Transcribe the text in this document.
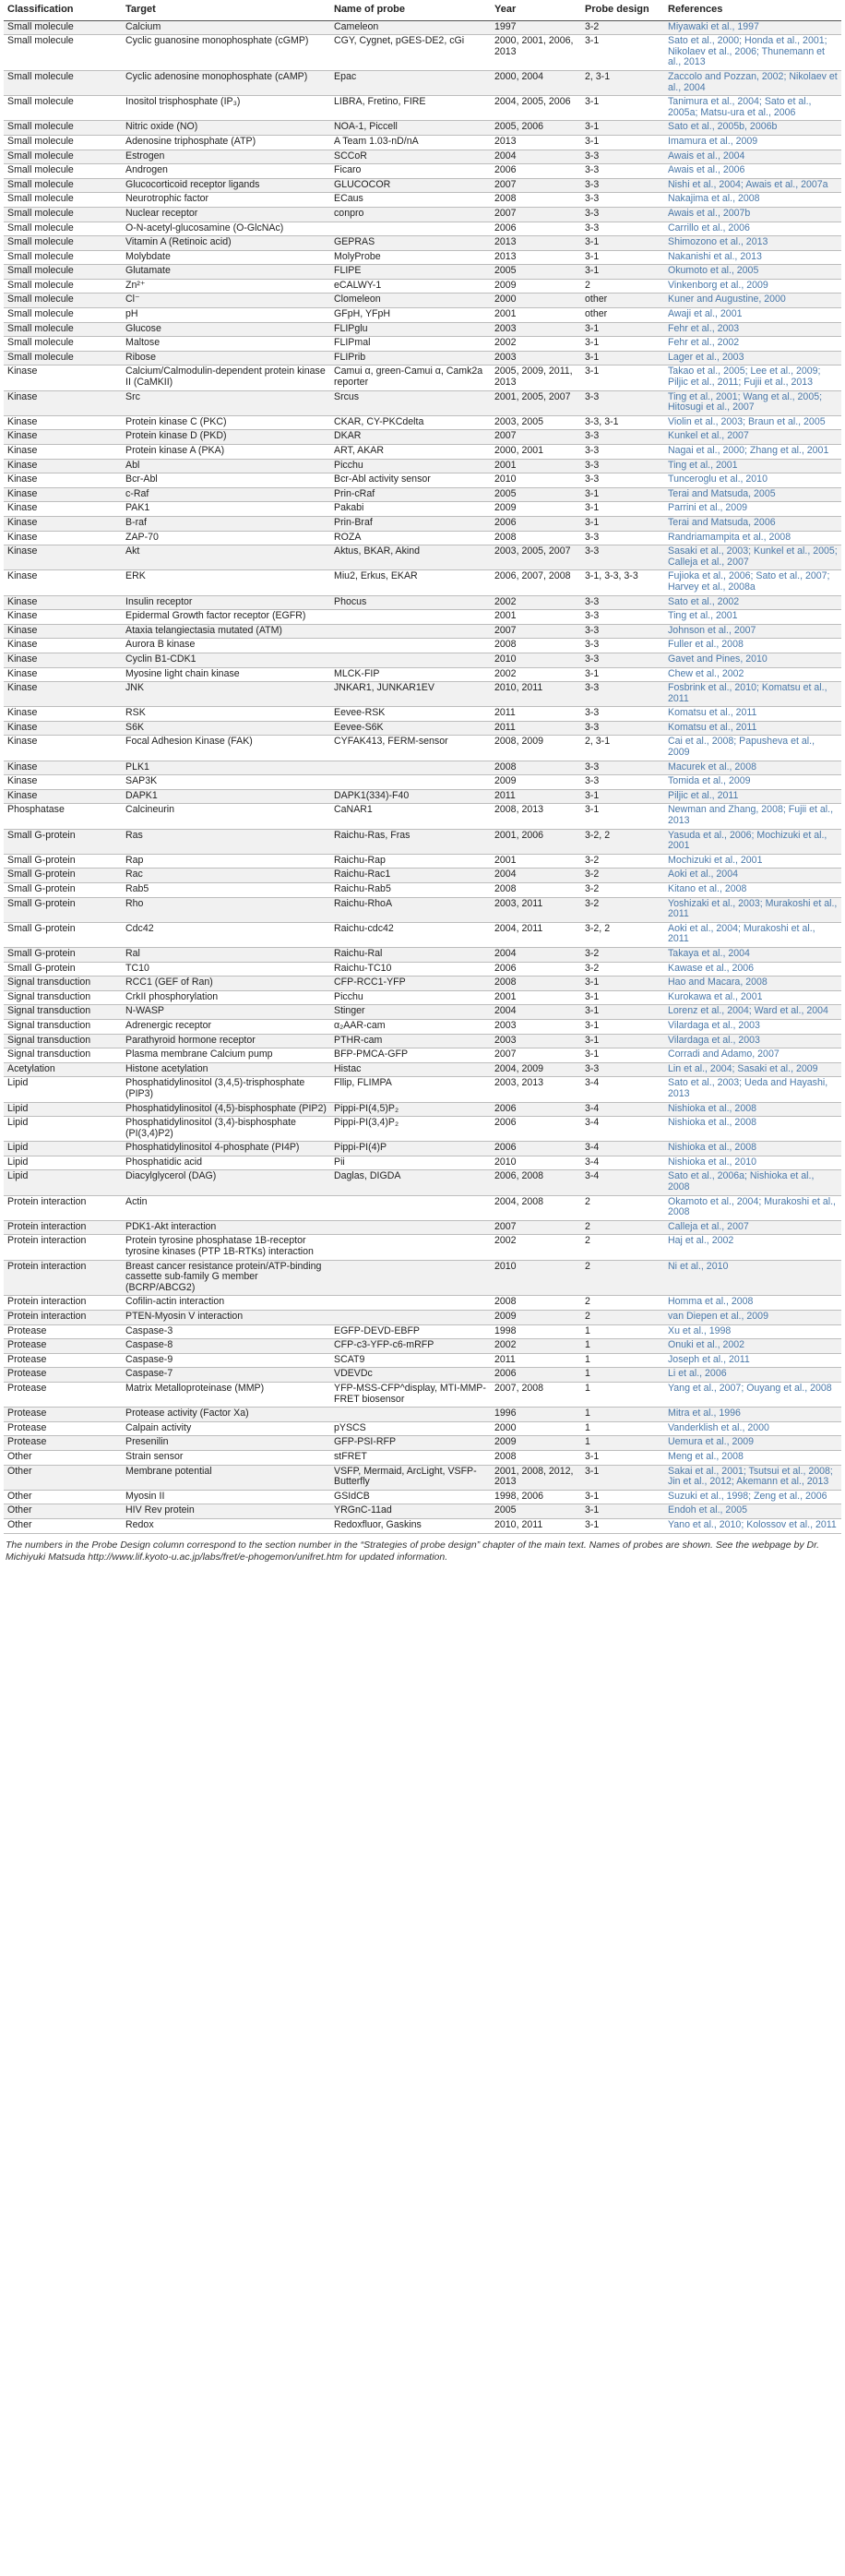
Classification	Target	Name of probe	Year	Probe design	References
Small molecule	Calcium	Cameleon	1997	3-2	Miyawaki et al., 1997
Small molecule	Cyclic guanosine monophosphate (cGMP)	CGY, Cygnet, pGES-DE2, cGi	2000, 2001, 2006, 2013	3-1	Sato et al., 2000; Honda et al., 2001; Nikolaev et al., 2006; Thunemann et al., 2013
Small molecule	Cyclic adenosine monophosphate (cAMP)	Epac	2000, 2004	2, 3-1	Zaccolo and Pozzan, 2002; Nikolaev et al., 2004
Small molecule	Inositol trisphosphate (IP₃)	LIBRA, Fretino, FIRE	2004, 2005, 2006	3-1	Tanimura et al., 2004; Sato et al., 2005a; Matsu-ura et al., 2006
Small molecule	Nitric oxide (NO)	NOA-1, Piccell	2005, 2006	3-1	Sato et al., 2005b, 2006b
Small molecule	Adenosine triphosphate (ATP)	A Team 1.03-nD/nA	2013	3-1	Imamura et al., 2009
Small molecule	Estrogen	SCCoR	2004	3-3	Awais et al., 2004
Small molecule	Androgen	Ficaro	2006	3-3	Awais et al., 2006
Small molecule	Glucocorticoid receptor ligands	GLUCOCOR	2007	3-3	Nishi et al., 2004; Awais et al., 2007a
Small molecule	Neurotrophic factor	ECaus	2008	3-3	Nakajima et al., 2008
Small molecule	Nuclear receptor	conpro	2007	3-3	Awais et al., 2007b
Small molecule	O-N-acetyl-glucosamine (O-GlcNAc)		2006	3-3	Carrillo et al., 2006
Small molecule	Vitamin A (Retinoic acid)	GEPRAS	2013	3-1	Shimozono et al., 2013
Small molecule	Molybdate	MolyProbe	2013	3-1	Nakanishi et al., 2013
Small molecule	Glutamate	FLIPE	2005	3-1	Okumoto et al., 2005
Small molecule	Zn²⁺	eCALWY-1	2009	2	Vinkenborg et al., 2009
Small molecule	Cl⁻	Clomeleon	2000	other	Kuner and Augustine, 2000
Small molecule	pH	GFpH, YFpH	2001	other	Awaji et al., 2001
Small molecule	Glucose	FLIPglu	2003	3-1	Fehr et al., 2003
Small molecule	Maltose	FLIPmal	2002	3-1	Fehr et al., 2002
Small molecule	Ribose	FLIPrib	2003	3-1	Lager et al., 2003
Kinase	Calcium/Calmodulin-dependent protein kinase II (CaMKII)	Camui α, green-Camui α, Camk2a reporter	2005, 2009, 2011, 2013	3-1	Takao et al., 2005; Lee et al., 2009; Piljic et al., 2011; Fujii et al., 2013
Kinase	Src	Srcus	2001, 2005, 2007	3-3	Ting et al., 2001; Wang et al., 2005; Hitosugi et al., 2007
Kinase	Protein kinase C (PKC)	CKAR, CY-PKCdelta	2003, 2005	3-3, 3-1	Violin et al., 2003; Braun et al., 2005
Kinase	Protein kinase D (PKD)	DKAR	2007	3-3	Kunkel et al., 2007
Kinase	Protein kinase A (PKA)	ART, AKAR	2000, 2001	3-3	Nagai et al., 2000; Zhang et al., 2001
Kinase	Abl	Picchu	2001	3-3	Ting et al., 2001
Kinase	Bcr-Abl	Bcr-Abl activity sensor	2010	3-3	Tunceroglu et al., 2010
Kinase	c-Raf	Prin-cRaf	2005	3-1	Terai and Matsuda, 2005
Kinase	PAK1	Pakabi	2009	3-1	Parrini et al., 2009
Kinase	B-raf	Prin-Braf	2006	3-1	Terai and Matsuda, 2006
Kinase	ZAP-70	ROZA	2008	3-3	Randriamampita et al., 2008
Kinase	Akt	Aktus, BKAR, Akind	2003, 2005, 2007	3-3	Sasaki et al., 2003; Kunkel et al., 2005; Calleja et al., 2007
Kinase	ERK	Miu2, Erkus, EKAR	2006, 2007, 2008	3-1, 3-3, 3-3	Fujioka et al., 2006; Sato et al., 2007; Harvey et al., 2008a
Kinase	Insulin receptor	Phocus	2002	3-3	Sato et al., 2002
Kinase	Epidermal Growth factor receptor (EGFR)		2001	3-3	Ting et al., 2001
Kinase	Ataxia telangiectasia mutated (ATM)		2007	3-3	Johnson et al., 2007
Kinase	Aurora B kinase		2008	3-3	Fuller et al., 2008
Kinase	Cyclin B1-CDK1		2010	3-3	Gavet and Pines, 2010
Kinase	Myosine light chain kinase	MLCK-FIP	2002	3-1	Chew et al., 2002
Kinase	JNK	JNKAR1, JUNKAR1EV	2010, 2011	3-3	Fosbrink et al., 2010; Komatsu et al., 2011
Kinase	RSK	Eevee-RSK	2011	3-3	Komatsu et al., 2011
Kinase	S6K	Eevee-S6K	2011	3-3	Komatsu et al., 2011
Kinase	Focal Adhesion Kinase (FAK)	CYFAK413, FERM-sensor	2008, 2009	2, 3-1	Cai et al., 2008; Papusheva et al., 2009
Kinase	PLK1		2008	3-3	Macurek et al., 2008
Kinase	SAP3K		2009	3-3	Tomida et al., 2009
Kinase	DAPK1	DAPK1(334)-F40	2011	3-1	Piljic et al., 2011
Phosphatase	Calcineurin	CaNAR1	2008, 2013	3-1	Newman and Zhang, 2008; Fujii et al., 2013
Small G-protein	Ras	Raichu-Ras, Fras	2001, 2006	3-2, 2	Yasuda et al., 2006; Mochizuki et al., 2001
Small G-protein	Rap	Raichu-Rap	2001	3-2	Mochizuki et al., 2001
Small G-protein	Rac	Raichu-Rac1	2004	3-2	Aoki et al., 2004
Small G-protein	Rab5	Raichu-Rab5	2008	3-2	Kitano et al., 2008
Small G-protein	Rho	Raichu-RhoA	2003, 2011	3-2	Yoshizaki et al., 2003; Murakoshi et al., 2011
Small G-protein	Cdc42	Raichu-cdc42	2004, 2011	3-2, 2	Aoki et al., 2004; Murakoshi et al., 2011
Small G-protein	Ral	Raichu-Ral	2004	3-2	Takaya et al., 2004
Small G-protein	TC10	Raichu-TC10	2006	3-2	Kawase et al., 2006
Signal transduction	RCC1 (GEF of Ran)	CFP-RCC1-YFP	2008	3-1	Hao and Macara, 2008
Signal transduction	CrkII phosphorylation	Picchu	2001	3-1	Kurokawa et al., 2001
Signal transduction	N-WASP	Stinger	2004	3-1	Lorenz et al., 2004; Ward et al., 2004
Signal transduction	Adrenergic receptor	α₂AAR-cam	2003	3-1	Vilardaga et al., 2003
Signal transduction	Parathyroid hormone receptor	PTHR-cam	2003	3-1	Vilardaga et al., 2003
Signal transduction	Plasma membrane Calcium pump	BFP-PMCA-GFP	2007	3-1	Corradi and Adamo, 2007
Acetylation	Histone acetylation	Histac	2004, 2009	3-3	Lin et al., 2004; Sasaki et al., 2009
Lipid	Phosphatidylinositol (3,4,5)-trisphosphate (PIP3)	Fllip, FLIMPA	2003, 2013	3-4	Sato et al., 2003; Ueda and Hayashi, 2013
Lipid	Phosphatidylinositol (4,5)-bisphosphate (PIP2)	Pippi-PI(4,5)P₂	2006	3-4	Nishioka et al., 2008
Lipid	Phosphatidylinositol (3,4)-bisphosphate (PI(3,4)P2)	Pippi-PI(3,4)P₂	2006	3-4	Nishioka et al., 2008
Lipid	Phosphatidylinositol 4-phosphate (PI4P)	Pippi-PI(4)P	2006	3-4	Nishioka et al., 2008
Lipid	Phosphatidic acid	Pii	2010	3-4	Nishioka et al., 2010
Lipid	Diacylglycerol (DAG)	Daglas, DIGDA	2006, 2008	3-4	Sato et al., 2006a; Nishioka et al., 2008
Protein interaction	Actin		2004, 2008	2	Okamoto et al., 2004; Murakoshi et al., 2008
Protein interaction	PDK1-Akt interaction		2007	2	Calleja et al., 2007
Protein interaction	Protein tyrosine phosphatase 1B-receptor tyrosine kinases (PTP 1B-RTKs) interaction		2002	2	Haj et al., 2002
Protein interaction	Breast cancer resistance protein/ATP-binding cassette sub-family G member (BCRP/ABCG2)		2010	2	Ni et al., 2010
Protein interaction	Cofilin-actin interaction		2008	2	Homma et al., 2008
Protein interaction	PTEN-Myosin V interaction		2009	2	van Diepen et al., 2009
Protease	Caspase-3	EGFP-DEVD-EBFP	1998	1	Xu et al., 1998
Protease	Caspase-8	CFP-c3-YFP-c6-mRFP	2002	1	Onuki et al., 2002
Protease	Caspase-9	SCAT9	2011	1	Joseph et al., 2011
Protease	Caspase-7	VDEVDc	2006	1	Li et al., 2006
Protease	Matrix Metalloproteinase (MMP)	YFP-MSS-CFP^display, MTI-MMP-FRET biosensor	2007, 2008	1	Yang et al., 2007; Ouyang et al., 2008
Protease	Protease activity (Factor Xa)		1996	1	Mitra et al., 1996
Protease	Calpain activity	pYSCS	2000	1	Vanderklish et al., 2000
Protease	Presenilin	GFP-PSI-RFP	2009	1	Uemura et al., 2009
Other	Strain sensor	stFRET	2008	3-1	Meng et al., 2008
Other	Membrane potential	VSFP, Mermaid, ArcLight, VSFP-Butterfly	2001, 2008, 2012, 2013	3-1	Sakai et al., 2001; Tsutsui et al., 2008; Jin et al., 2012; Akemann et al., 2013
Other	Myosin II	GSIdCB	1998, 2006	3-1	Suzuki et al., 1998; Zeng et al., 2006
Other	HIV Rev protein	YRGnC-11ad	2005	3-1	Endoh et al., 2005
Other	Redox	Redoxfluor, Gaskins	2010, 2011	3-1	Yano et al., 2010; Kolossov et al., 2011
The numbers in the Probe Design column correspond to the section number in the “Strategies of probe design” chapter of the main text. Names of probes are shown. See the webpage by Dr. Michiyuki Matsuda http://www.lif.kyoto-u.ac.jp/labs/fret/e-phogemon/unifret.htm for updated information.
